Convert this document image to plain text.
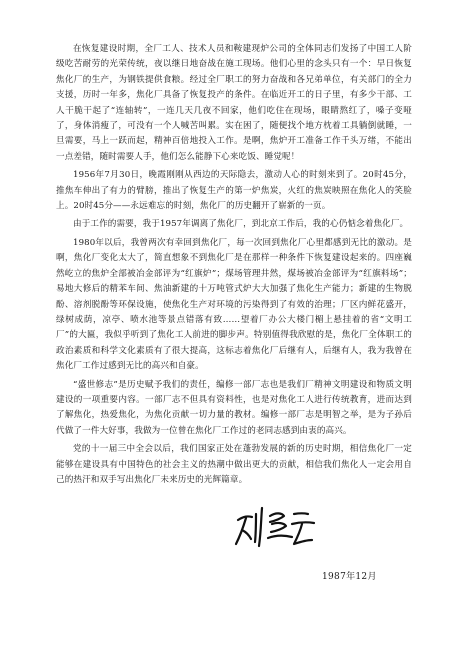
在恢复建设时期，全厂工人、技术人员和鞍建现炉公司的全体同志们发扬了中国工人阶级吃苦耐劳的光荣传统，夜以继日地奋战在施工现场。他们心里的念头只有一个：早日恢复焦化厂的生产，为钢铁提供食粮。经过全厂职工的努力奋战和各兄弟单位，有关部门的全力支援，历时一年多，焦化厂具备了恢复投产的条件。在临近开工的日子里，有多少干部、工人干脆干起了“连轴转”，一连几天几夜不回家，他们吃住在现场，眼睛熬红了，嗓子变哑了，身体消瘦了，可没有一个人喊苦叫累。实在困了，随便找个地方枕着工具躺倒就睡，一旦需要，马上一跃而起，精神百倍地投入工作。是啊，焦炉开工准备工作千头万绪，不能出一点差错，随时需要人手，他们怎么能静下心来吃饭、睡觉呢！

1956年7月30日，晚霞刚刚从西边的天际隐去，激动人心的时刻来到了。20时45分，推焦车伸出了有力的臂膀，推出了恢复生产的第一炉焦炭，火红的焦炭映照在焦化人的笑脸上。20时45分——永远难忘的时刻，焦化厂的历史翻开了崭新的一页。

由于工作的需要，我于1957年调离了焦化厂，到北京工作后，我的心仍惦念着焦化厂。

1980年以后，我曾两次有幸回到焦化厂，每一次回到焦化厂心里都感到无比的激动。是啊，焦化厂变化太大了，简直想象不到焦化厂是在那样一种条件下恢复建设起来的。四座巍然屹立的焦炉全部被冶金部评为“红旗炉”；煤场管理井然，煤场被冶金部评为“红旗料场”；易地大修后的精苯车间、焦油新建的十万吨管式炉大大加强了焦化生产能力；新建的生物脱酚、溶剂脱酚等环保设施，使焦化生产对环境的污染得到了有效的治理；厂区内鲜花盛开，绿树成荫，凉亭、喷水池等景点错落有致……望着厂办公大楼门楣上悬挂着的省“文明工厂”的大匾，我似乎听到了焦化工人前进的脚步声。特别值得我欣慰的是，焦化厂全体职工的政治素质和科学文化素质有了很大提高，这标志着焦化厂后继有人，后继有人，我为我曾在焦化厂工作过感到无比的高兴和自豪。

“盛世修志”是历史赋予我们的责任，编修一部厂志也是我们厂精神文明建设和物质文明建设的一项重要内容。一部厂志不但具有资料性，也是对焦化工人进行传统教育，进而达到了解焦化，热爱焦化，为焦化贡献一切力量的教材。编修一部厂志是明智之举，是为子孙后代做了一件大好事，我做为一位曾在焦化厂工作过的老同志感到由衷的高兴。

党的十一届三中全会以后，我们国家正处在蓬勃发展的新的历史时期，相信焦化厂一定能够在建设具有中国特色的社会主义的热潮中做出更大的贡献，相信我们焦化人一定会用自己的热汗和双手写出焦化厂未来历史的光辉篇章。

1987年12月
